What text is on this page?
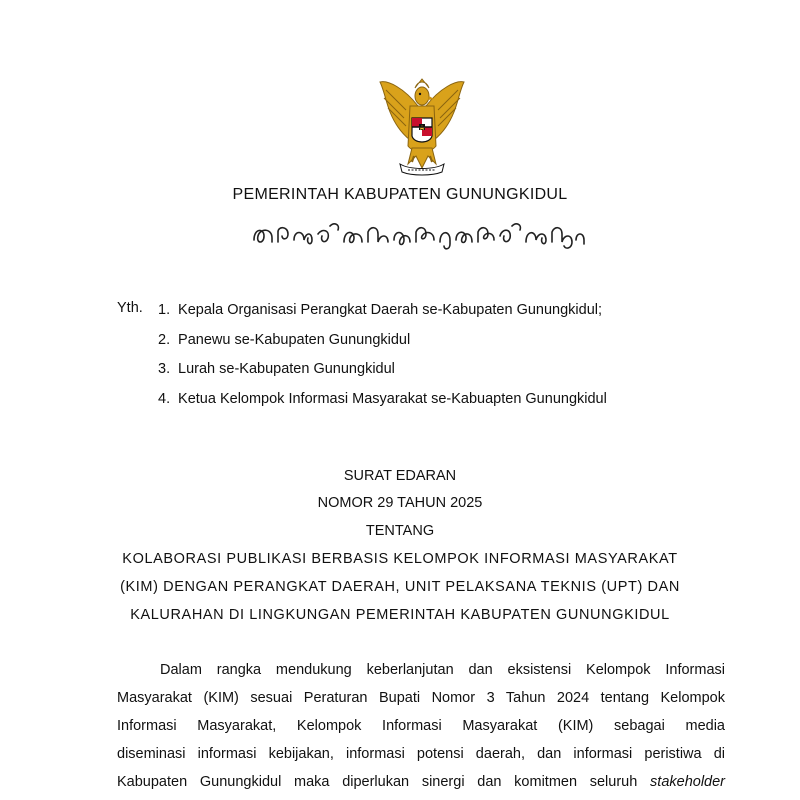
PEMERINTAH KABUPATEN GUNUNGKIDUL
Yth. 1. Kepala Organisasi Perangkat Daerah se-Kabupaten Gunungkidul;
2. Panewu se-Kabupaten Gunungkidul
3. Lurah se-Kabupaten Gunungkidul
4. Ketua Kelompok Informasi Masyarakat se-Kabuapten Gunungkidul
SURAT EDARAN
NOMOR 29 TAHUN 2025
TENTANG
KOLABORASI PUBLIKASI BERBASIS KELOMPOK INFORMASI MASYARAKAT
(KIM) DENGAN PERANGKAT DAERAH, UNIT PELAKSANA TEKNIS (UPT) DAN
KALURAHAN DI LINGKUNGAN PEMERINTAH KABUPATEN GUNUNGKIDUL
Dalam rangka mendukung keberlanjutan dan eksistensi Kelompok Informasi
Masyarakat (KIM) sesuai Peraturan Bupati Nomor 3 Tahun 2024 tentang Kelompok
Informasi Masyarakat, Kelompok Informasi Masyarakat (KIM) sebagai media
diseminasi informasi kebijakan, informasi potensi daerah, dan informasi peristiwa di
Kabupaten Gunungkidul maka diperlukan sinergi dan komitmen seluruh stakeholder
